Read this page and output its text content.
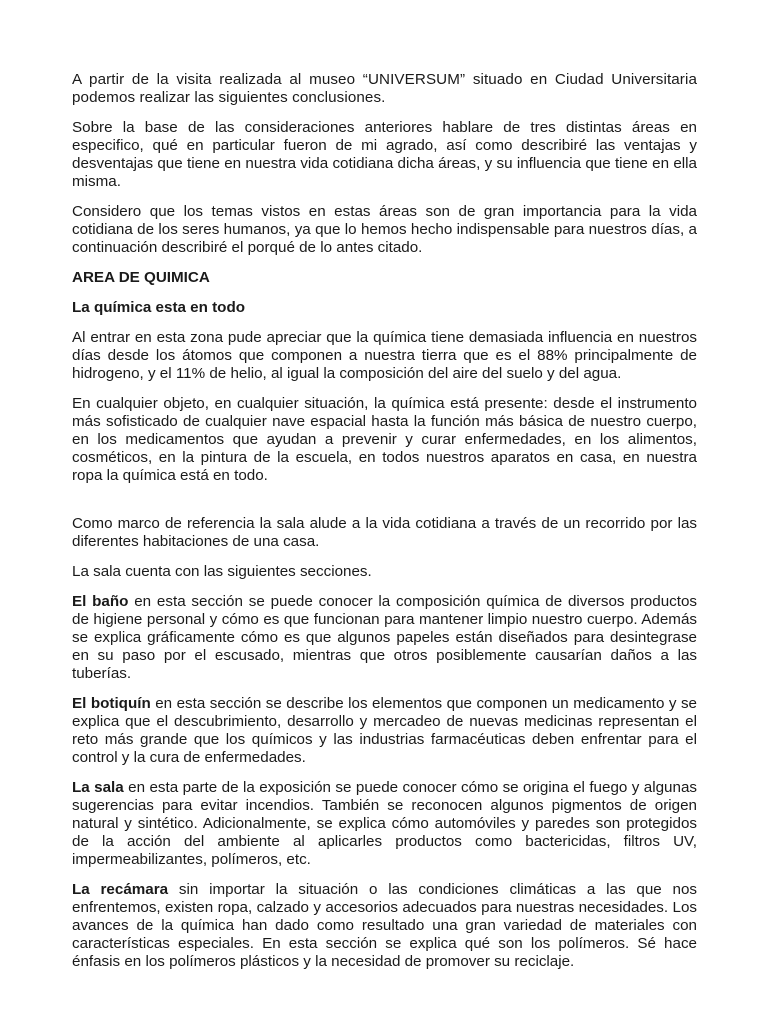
A partir de la visita realizada al museo “UNIVERSUM” situado en Ciudad Universitaria podemos realizar las siguientes conclusiones.

Sobre la base de las consideraciones anteriores hablare de tres distintas áreas en especifico, qué en particular fueron de mi agrado, así como describiré las ventajas y desventajas que tiene en nuestra vida cotidiana dicha áreas, y su influencia que tiene en ella misma.

Considero que los temas vistos en estas áreas son de gran importancia para la vida cotidiana de los seres humanos, ya que lo hemos hecho indispensable para nuestros días, a continuación describiré el porqué de lo antes citado.

AREA DE QUIMICA
La química esta en todo

Al entrar en esta zona pude apreciar que la química tiene demasiada influencia en nuestros días desde los átomos que componen a nuestra tierra que es el 88% principalmente de hidrogeno, y el 11% de helio, al igual la composición del aire del suelo y del agua.

En cualquier objeto, en cualquier situación, la química está presente: desde el instrumento más sofisticado de cualquier nave espacial hasta la función más básica de nuestro cuerpo, en los medicamentos que ayudan a prevenir y curar enfermedades, en los alimentos, cosméticos, en la pintura de la escuela, en todos nuestros aparatos en casa, en nuestra ropa la química está en todo.

Como marco de referencia la sala alude a la vida cotidiana a través de un recorrido por las diferentes habitaciones de una casa.

La sala cuenta con las siguientes secciones.

El baño en esta sección se puede conocer la composición química de diversos productos de higiene personal y cómo es que funcionan para mantener limpio nuestro cuerpo. Además se explica gráficamente cómo es que algunos papeles están diseñados para desintegrase en su paso por el escusado, mientras que otros posiblemente causarían daños a las tuberías.

El botiquín en esta sección se describe los elementos que componen un medicamento y se explica que el descubrimiento, desarrollo y mercadeo de nuevas medicinas representan el reto más grande que los químicos y las industrias farmacéuticas deben enfrentar para el control y la cura de enfermedades.

La sala en esta parte de la exposición se puede conocer cómo se origina el fuego y algunas sugerencias para evitar incendios. También se reconocen algunos pigmentos de origen natural y sintético. Adicionalmente, se explica cómo automóviles y paredes son protegidos de la acción del ambiente al aplicarles productos como bactericidas, filtros UV, impermeabilizantes, polímeros, etc.

La recámara sin importar la situación o las condiciones climáticas a las que nos enfrentemos, existen ropa, calzado y accesorios adecuados para nuestras necesidades. Los avances de la química han dado como resultado una gran variedad de materiales con características especiales. En esta sección se explica qué son los polímeros. Sé hace énfasis en los polímeros plásticos y la necesidad de promover su reciclaje.
